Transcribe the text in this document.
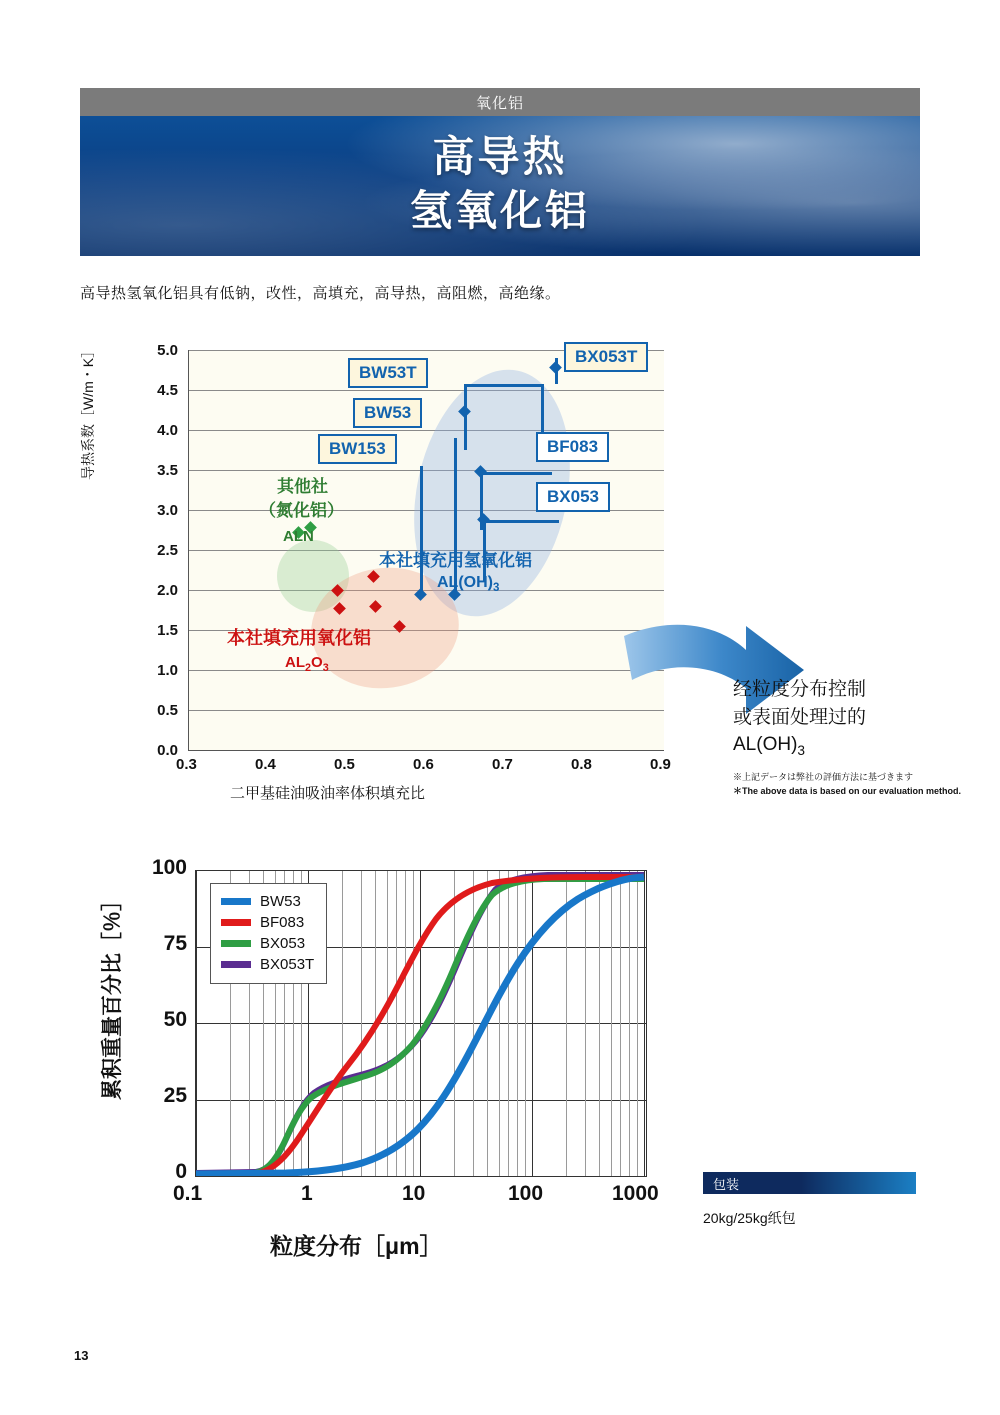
氧化铝
高导热
氢氧化铝
高导热氢氧化铝具有低钠，改性，高填充，高导热，高阻燃，高绝缘。
导热系数［W/m・K］	5.0
4.5
4.0
3.5
3.0
2.5
2.0
1.5
1.0
0.5
0.0
其他社
（氮化铝）
ALN
本社填充用氢氧化铝
$AL(OH)_3$
本社填充用氧化铝
$AL_2O_3$
BW53T
BW53
BW153
BX053T
BF083
BX053
0.3	0.4	0.5	0.6	0.7	0.8	0.9
二甲基硅油吸油率体积填充比
经粒度分布控制
或表面处理过的
$AL(OH)_3$
※上記データは弊社の評価方法に基づきます
＊The above data is based on our evaluation method.
累积重量百分比［％］
100
75
50
25
0
BW53
BF083
BX053
BX053T
0.1	1	10	100	1000
粒度分布［μm］
包装
20kg/25kg纸包
13
